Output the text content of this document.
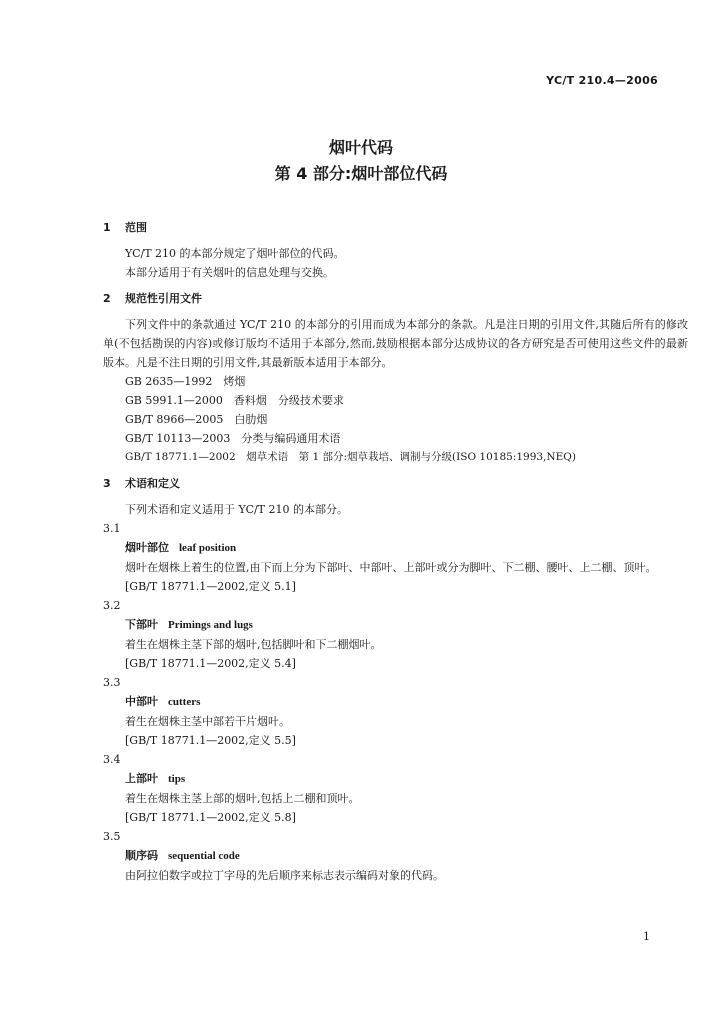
YC/T 210.4—2006
烟叶代码
第 4 部分:烟叶部位代码
1 范围
YC/T 210 的本部分规定了烟叶部位的代码。
本部分适用于有关烟叶的信息处理与交换。
2 规范性引用文件

下列文件中的条款通过 YC/T 210 的本部分的引用而成为本部分的条款。凡是注日期的引用文件,其随后所有的修改单(不包括勘误的内容)或修订版均不适用于本部分,然而,鼓励根据本部分达成协议的各方研究是否可使用这些文件的最新版本。凡是不注日期的引用文件,其最新版本适用于本部分。

GB 2635—1992　烤烟
GB 5991.1—2000　香料烟　分级技术要求
GB/T 8966—2005　白肋烟
GB/T 10113—2003　分类与编码通用术语
GB/T 18771.1—2002　烟草术语　第 1 部分:烟草栽培、调制与分级(ISO 10185:1993,NEQ)
3 术语和定义
下列术语和定义适用于 YC/T 210 的本部分。
3.1
烟叶部位 leaf position

烟叶在烟株上着生的位置,由下而上分为下部叶、中部叶、上部叶或分为脚叶、下二棚、腰叶、上二棚、顶叶。

[GB/T 18771.1—2002,定义 5.1]
3.2
下部叶 Primings and lugs
着生在烟株主茎下部的烟叶,包括脚叶和下二棚烟叶。
[GB/T 18771.1—2002,定义 5.4]
3.3
中部叶 cutters
着生在烟株主茎中部若干片烟叶。
[GB/T 18771.1—2002,定义 5.5]
3.4
上部叶 tips
着生在烟株主茎上部的烟叶,包括上二棚和顶叶。
[GB/T 18771.1—2002,定义 5.8]
3.5
顺序码 sequential code
由阿拉伯数字或拉丁字母的先后顺序来标志表示编码对象的代码。
1
